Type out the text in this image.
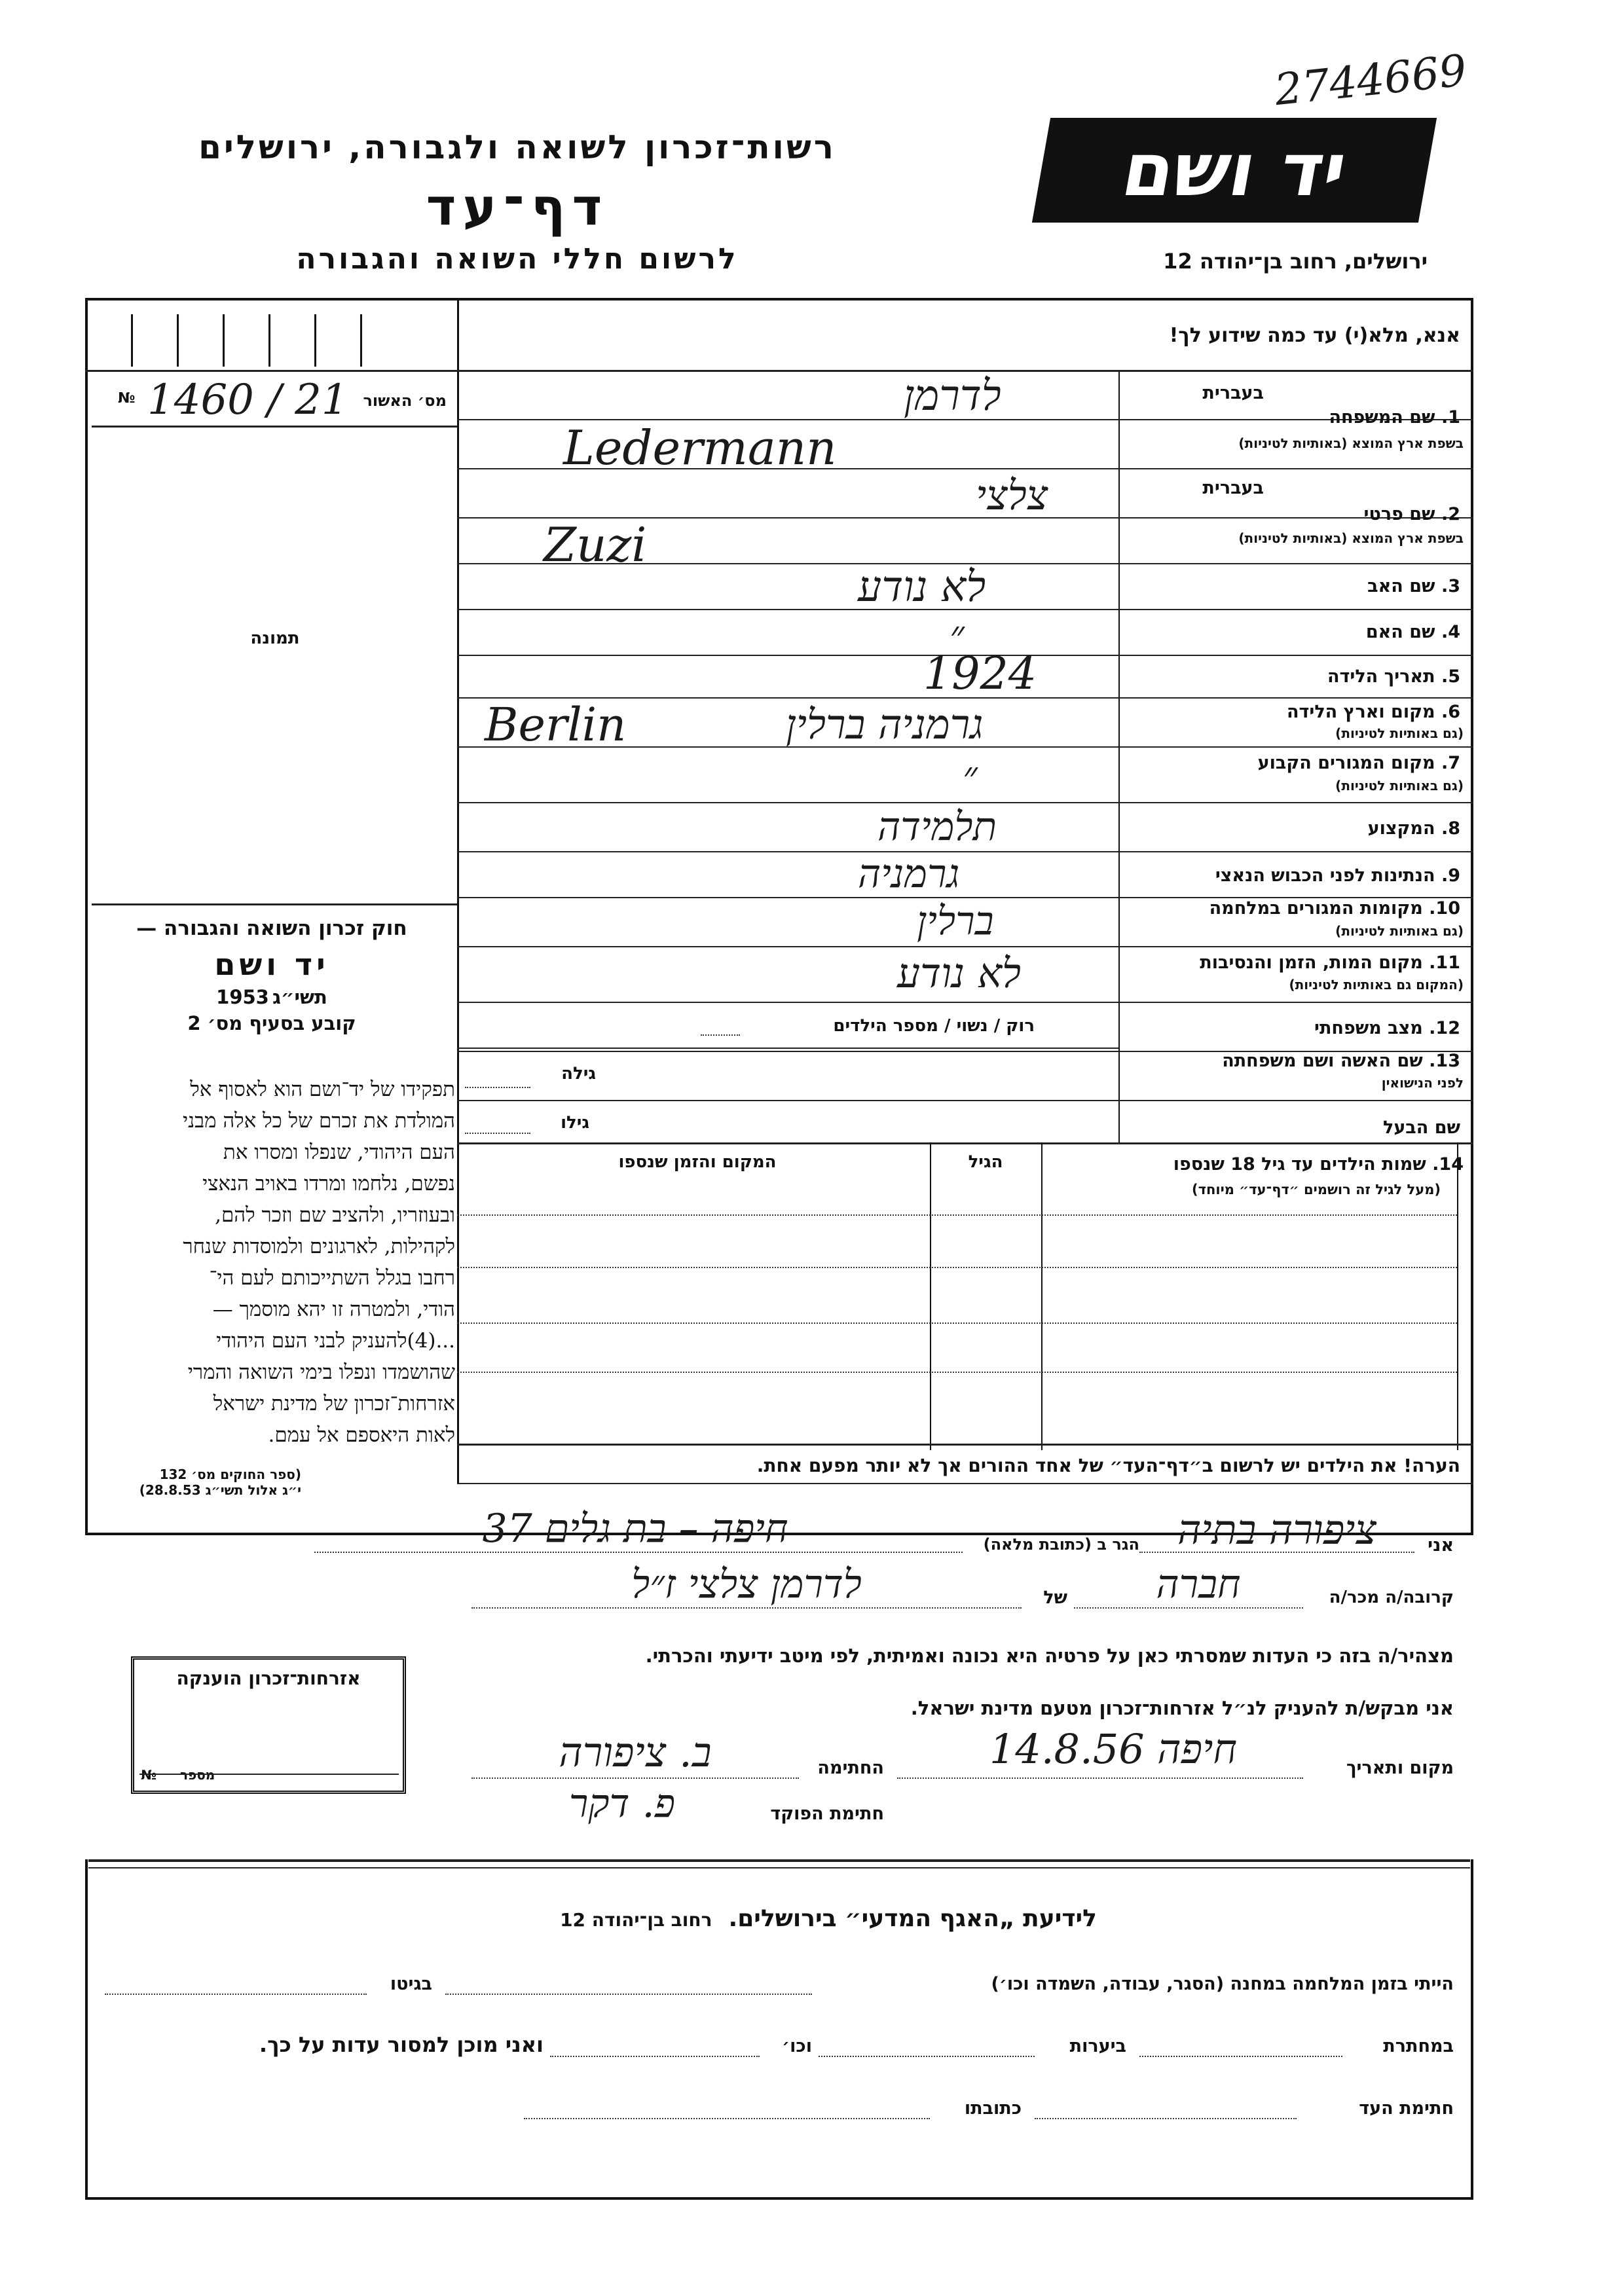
2744669
יד ושם
רשות־זכרון לשואה ולגבורה, ירושלים
דף־עד
לרשום חללי השואה והגבורה	ירושלים, רחוב בן־יהודה 12
אנא, מלא(י) עד כמה שידוע לך!
№ 1460 / 21 מס׳ האשור
תמונה
חוק זכרון השואה והגבורה —
יד ושם
תשי״ג 1953
קובע בסעיף מס׳ 2
תפקידו של יד־ושם הוא לאסוף אל
המולדת את זכרם של כל אלה מבני
העם היהודי, שנפלו ומסרו את
נפשם, נלחמו ומרדו באויב הנאצי
ובעוזריו, ולהציב שם וזכר להם,
לקהילות, לארגונים ולמוסדות שנחר
רחבו בגלל השתייכותם לעם הי־
הודי, ולמטרה זו יהא מוסמך —
...(4)להעניק לבני העם היהודי
שהושמדו ונפלו בימי השואה והמרי
אזרחות־זכרון של מדינת ישראל
לאות היאספם אל עמם.
(ספר החוקים מס׳ 132
י״ג אלול תשי״ג 28.8.53)
בעברית
1. שם המשפחה
בשפת ארץ המוצא (באותיות לטיניות)
לדרמן
Ledermann
בעברית
2. שם פרטי
בשפת ארץ המוצא (באותיות לטיניות)
צלצי
Zuzi
3. שם האב
לא נודע
4. שם האם
״
5. תאריך הלידה
1924
6. מקום וארץ הלידה
(גם באותיות לטיניות)
גרמניה ברלין
Berlin
7. מקום המגורים הקבוע
(גם באותיות לטיניות)
״
8. המקצוע
תלמידה
9. הנתינות לפני הכבוש הנאצי
גרמניה
10. מקומות המגורים במלחמה
(גם באותיות לטיניות)
ברלין
11. מקום המות, הזמן והנסיבות
(המקום גם באותיות לטיניות)
לא נודע
12. מצב משפחתי
רוק / נשוי / מספר הילדים
13. שם האשה ושם משפחתה
לפני הנישואין
גילה
שם הבעל
גילו
14. שמות הילדים עד גיל 18 שנספו
(מעל לגיל זה רושמים ״דף־עד״ מיוחד)
הגיל
המקום והזמן שנספו
הערה! את הילדים יש לרשום ב״דף־העד״ של אחד ההורים אך לא יותר מפעם אחת.
אני
ציפורה בתיה
הגר ב (כתובת מלאה)
חיפה – בת גלים 37
קרובה/ה מכר/ה
חברה
של
לדרמן צלצי ז״ל
מצהיר/ה בזה כי העדות שמסרתי כאן על פרטיה היא נכונה ואמיתית, לפי מיטב ידיעתי והכרתי.
אני מבקש/ת להעניק לנ״ל אזרחות־זכרון מטעם מדינת ישראל.
מקום ותאריך
חיפה 14.8.56
החתימה
ב. ציפורה
חתימת הפוקד
פ. דקר
אזרחות־זכרון הוענקה
№ מספר
לידיעת „האגף המדעי״ בירושלים. רחוב בן־יהודה 12
הייתי בזמן המלחמה במחנה (הסגר, עבודה, השמדה וכו׳)
בגיטו
במחתרת
ביערות
וכו׳
ואני מוכן למסור עדות על כך.
חתימת העד
כתובתו
